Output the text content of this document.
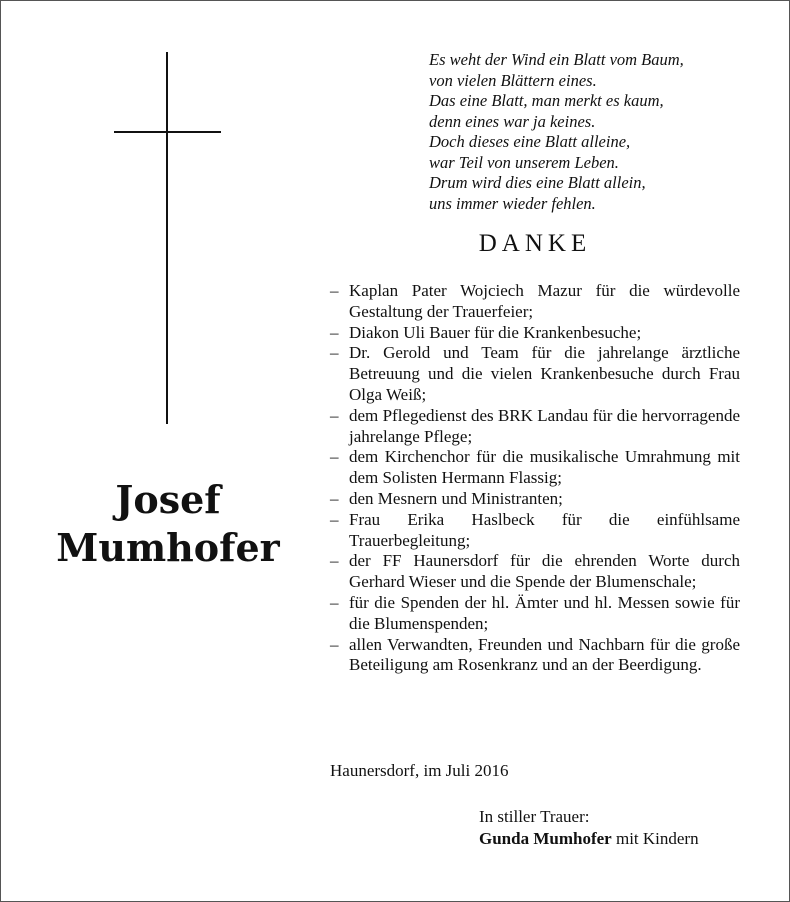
Josef
Mumhofer
Es weht der Wind ein Blatt vom Baum,
von vielen Blättern eines.
Das eine Blatt, man merkt es kaum,
denn eines war ja keines.
Doch dieses eine Blatt alleine,
war Teil von unserem Leben.
Drum wird dies eine Blatt allein,
uns immer wieder fehlen.
DANKE
– Kaplan Pater Wojciech Mazur für die würdevolle Gestaltung der Trauerfeier;
– Diakon Uli Bauer für die Krankenbesuche;
– Dr. Gerold und Team für die jahrelange ärztliche Betreuung und die vielen Krankenbesuche durch Frau Olga Weiß;
– dem Pflegedienst des BRK Landau für die hervorragende jahrelange Pflege;
– dem Kirchenchor für die musikalische Umrahmung mit dem Solisten Hermann Flassig;
– den Mesnern und Ministranten;
– Frau Erika Haslbeck für die einfühlsame Trauerbegleitung;
– der FF Haunersdorf für die ehrenden Worte durch Gerhard Wieser und die Spende der Blumenschale;
– für die Spenden der hl. Ämter und hl. Messen sowie für die Blumenspenden;
– allen Verwandten, Freunden und Nachbarn für die große Beteiligung am Rosenkranz und an der Beerdigung.
Haunersdorf, im Juli 2016
In stiller Trauer:
Gunda Mumhofer mit Kindern
